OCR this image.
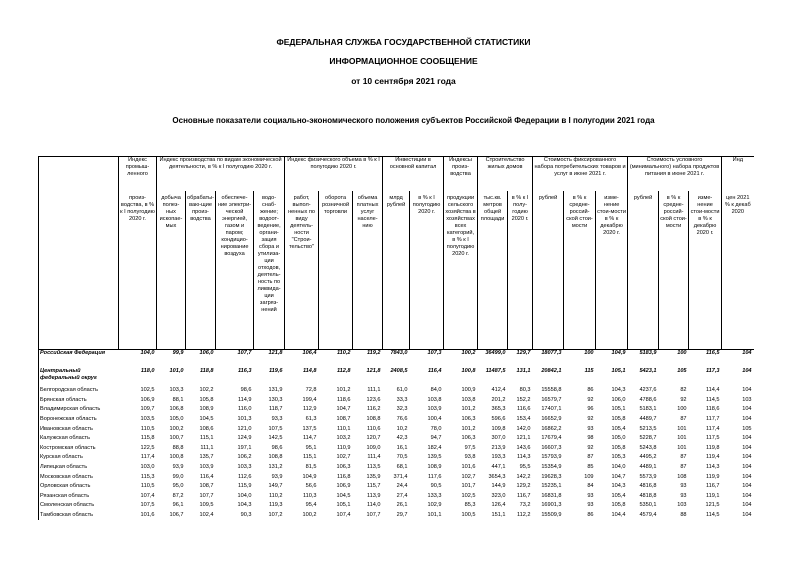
ФЕДЕРАЛЬНАЯ СЛУЖБА ГОСУДАРСТВЕННОЙ СТАТИСТИКИ
ИНФОРМАЦИОННОЕ СООБЩЕНИЕ
от 10 сентября 2021 года
Основные показатели социально-экономического положения субъектов Российской Федерации в I полугодии 2021 года
	Индекс промыш-ленного	Индекс производства по видам экономической деятельности, в % к I полугодию 2020 г.				Индекс физического объема в % к I полугодию 2020 г.			Инвестиции в основной капитал		Индексы произ-водства	Строительство жилых домов		Стоимость фиксированного набора потребительских товаров и услуг в июне 2021 г.			Стоимость условного (минимального) набора продуктов питания в июне 2021 г.			Инд
	произ-водства, в % к I полугодию 2020 г.	добыча полез-ных ископае-мых	обрабаты-ваю-щие произ-водства	обеспече-ние электри-ческой энергией, газом и паром; кондицио-нирование воздуха	водо-снаб-жение; водоот-ведение, органи-зация сбора и утилиза-ции отходов, деятель-ность по ликвида-ции загряз-нений	работ, выпол-ненных по виду деятель-ности "Строи-тельство"	оборота розничной торговли	объема платных услуг населе-нию	млрд рублей	в % к I полугодию 2020 г.	продукции сельского хозяйства в хозяйствах всех категорий, в % к I полугодию 2020 г.	тыс.кв. метров общей площади	в % к I полу-годию 2020 г.	рублей	в % к средне-россий-ской стои-мости	изме-нение стои-мости в % к декабрю 2020 г.	рублей	в % к средне-россий-ской стои-мости	изме-нение стои-мости в % к декабрю 2020 г.	цен 2021 % к декаб 2020
Российская Федерация	104,0	99,9	106,0	107,7	121,8	106,4	110,2	119,2	7843,0	107,3	100,2	36499,0	129,7	18077,3	100	104,9	5183,9	100	116,5	104
Центральный федеральный округ	118,0	101,0	118,8	116,3	119,6	114,8	112,8	121,8	2408,5	116,4	100,8	11487,5	131,1	20842,1	115	105,1	5423,1	105	117,3	104
Белгородская область	102,5	103,3	102,2	98,6	131,9	72,8	101,2	111,1	61,0	84,0	100,9	412,4	80,3	15558,8	86	104,3	4237,6	82	114,4	104
Брянская область	106,9	88,1	105,8	114,9	130,3	199,4	118,6	123,6	33,3	103,8	103,8	201,2	152,2	16579,7	92	106,0	4788,6	92	114,5	103
Владимирская область	109,7	106,8	108,9	116,0	118,7	112,9	104,7	116,2	32,3	103,9	101,2	365,3	116,6	17407,1	96	105,1	5183,1	100	118,6	104
Воронежская область	103,5	105,0	104,5	101,3	93,3	61,3	108,7	108,8	76,6	100,4	106,3	596,6	153,4	16652,9	92	105,8	4489,7	87	117,7	104
Ивановская область	110,5	100,2	108,6	121,0	107,5	137,5	110,1	110,6	10,2	78,0	101,2	109,8	142,0	16862,2	93	105,4	5213,5	101	117,4	105
Калужская область	115,8	100,7	115,1	124,9	142,5	114,7	103,2	120,7	42,3	94,7	106,3	307,0	121,1	17679,4	98	105,0	5228,7	101	117,5	104
Костромская область	122,5	88,8	111,1	197,1	98,6	95,1	110,9	109,0	16,1	182,4	97,5	213,9	143,6	16607,3	92	105,8	5243,8	101	119,8	104
Курская область	117,4	100,8	135,7	106,2	108,8	115,1	102,7	111,4	70,5	139,5	93,8	193,3	114,3	15793,9	87	105,3	4495,2	87	119,4	104
Липецкая область	103,0	93,9	103,9	103,3	131,2	81,5	106,3	113,5	68,1	108,9	101,6	447,1	95,5	15354,9	85	104,0	4489,1	87	114,3	104
Московская область	115,3	99,0	116,4	112,6	93,9	104,9	116,8	135,9	371,4	117,6	102,7	3654,3	142,2	19628,3	109	104,7	5573,9	108	119,9	104
Орловская область	110,5	95,0	108,7	115,9	149,7	56,6	106,9	115,7	24,4	90,5	101,7	144,9	129,2	15235,1	84	104,3	4816,8	93	116,7	104
Рязанская область	107,4	87,2	107,7	104,0	110,2	110,3	104,5	113,9	27,4	133,3	102,5	323,0	116,7	16831,8	93	105,4	4818,8	93	119,1	104
Смоленская область	107,5	96,1	109,5	104,3	119,3	95,4	105,1	114,0	26,1	102,9	85,3	126,4	73,2	16901,3	93	105,8	5350,1	103	121,5	104
Тамбовская область	101,6	106,7	102,4	90,3	107,2	100,2	107,4	107,7	29,7	101,1	100,5	151,1	112,2	15509,9	86	104,4	4579,4	88	114,5	104
